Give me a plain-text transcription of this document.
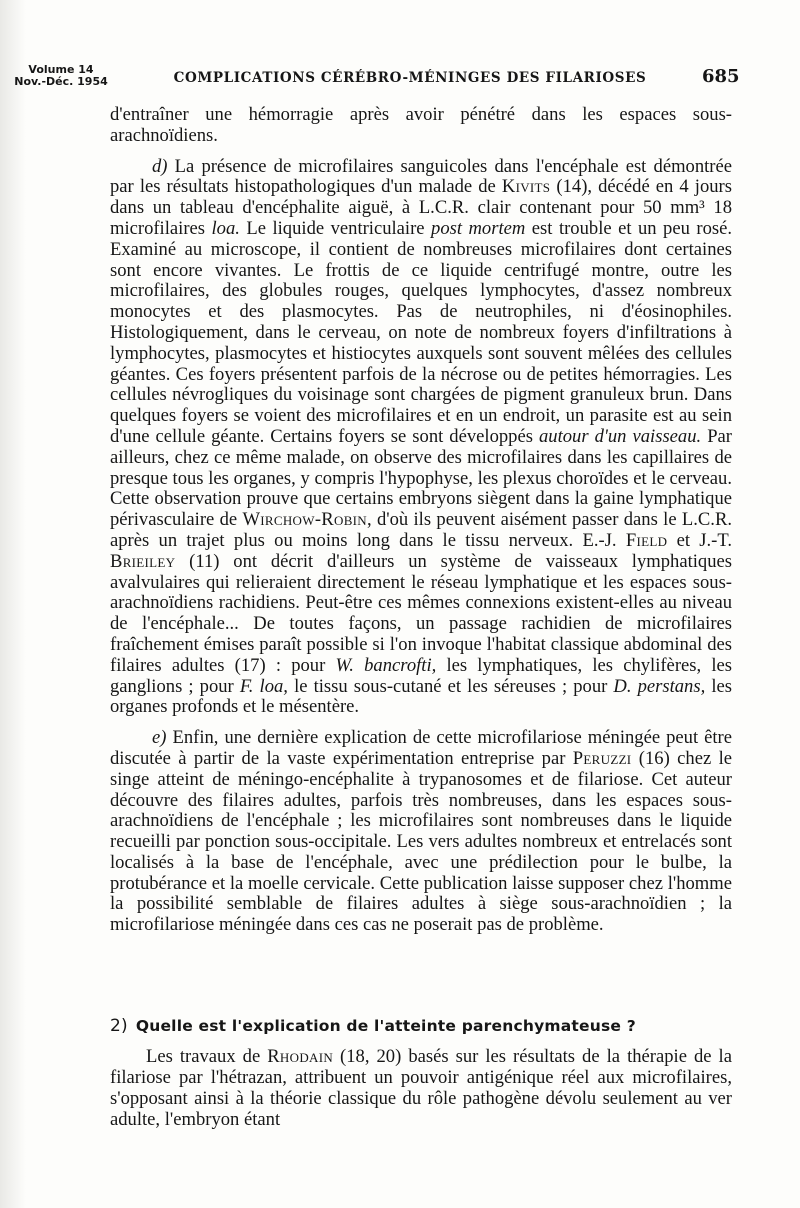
Volume 14
Nov.-Déc. 1954	COMPLICATIONS CÉRÉBRO-MÉNINGES DES FILARIOSES	685

d'entraîner une hémorragie après avoir pénétré dans les espaces sous-arachnoïdiens.

d) La présence de microfilaires sanguicoles dans l'encéphale est démontrée par les résultats histopathologiques d'un malade de Kivits (14), décédé en 4 jours dans un tableau d'encéphalite aiguë, à L.C.R. clair contenant pour 50 mm³ 18 microfilaires loa. Le liquide ventriculaire post mortem est trouble et un peu rosé. Examiné au microscope, il contient de nombreuses microfilaires dont certaines sont encore vivantes. Le frottis de ce liquide centrifugé montre, outre les microfilaires, des globules rouges, quelques lymphocytes, d'assez nombreux monocytes et des plasmocytes. Pas de neutrophiles, ni d'éosinophiles. Histologiquement, dans le cerveau, on note de nombreux foyers d'infiltrations à lymphocytes, plasmocytes et histiocytes auxquels sont souvent mêlées des cellules géantes. Ces foyers présentent parfois de la nécrose ou de petites hémorragies. Les cellules névrogliques du voisinage sont chargées de pigment granuleux brun. Dans quelques foyers se voient des microfilaires et en un endroit, un parasite est au sein d'une cellule géante. Certains foyers se sont développés autour d'un vaisseau. Par ailleurs, chez ce même malade, on observe des microfilaires dans les capillaires de presque tous les organes, y compris l'hypophyse, les plexus choroïdes et le cerveau. Cette observation prouve que certains embryons siègent dans la gaine lymphatique périvasculaire de Wirchow-Robin, d'où ils peuvent aisément passer dans le L.C.R. après un trajet plus ou moins long dans le tissu nerveux. E.-J. Field et J.-T. Brieiley (11) ont décrit d'ailleurs un système de vaisseaux lymphatiques avalvulaires qui relieraient directement le réseau lymphatique et les espaces sous-arachnoïdiens rachidiens. Peut-être ces mêmes connexions existent-elles au niveau de l'encéphale... De toutes façons, un passage rachidien de microfilaires fraîchement émises paraît possible si l'on invoque l'habitat classique abdominal des filaires adultes (17) : pour W. bancrofti, les lymphatiques, les chylifères, les ganglions ; pour F. loa, le tissu sous-cutané et les séreuses ; pour D. perstans, les organes profonds et le mésentère.

e) Enfin, une dernière explication de cette microfilariose méningée peut être discutée à partir de la vaste expérimentation entreprise par Peruzzi (16) chez le singe atteint de méningo-encéphalite à trypanosomes et de filariose. Cet auteur découvre des filaires adultes, parfois très nombreuses, dans les espaces sous-arachnoïdiens de l'encéphale ; les microfilaires sont nombreuses dans le liquide recueilli par ponction sous-occipitale. Les vers adultes nombreux et entrelacés sont localisés à la base de l'encéphale, avec une prédilection pour le bulbe, la protubérance et la moelle cervicale. Cette publication laisse supposer chez l'homme la possibilité semblable de filaires adultes à siège sous-arachnoïdien ; la microfilariose méningée dans ces cas ne poserait pas de problème.

2) Quelle est l'explication de l'atteinte parenchymateuse ?

Les travaux de Rhodain (18, 20) basés sur les résultats de la thérapie de la filariose par l'hétrazan, attribuent un pouvoir antigénique réel aux microfilaires, s'opposant ainsi à la théorie classique du rôle pathogène dévolu seulement au ver adulte, l'embryon étant
